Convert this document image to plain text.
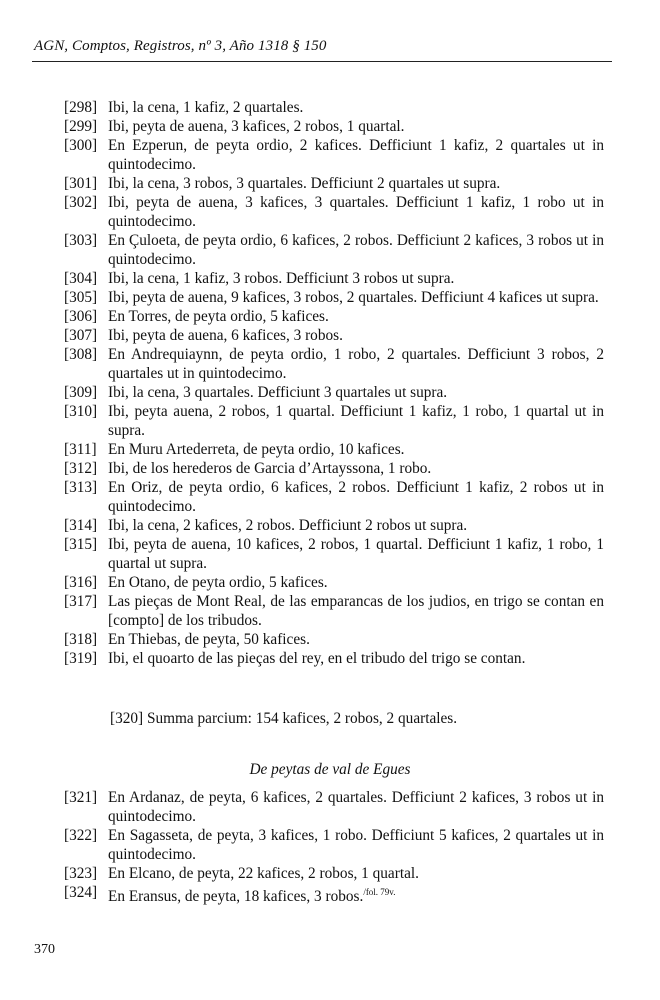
AGN, Comptos, Registros, nº 3, Año 1318 § 150
[298] Ibi, la cena, 1 kafiz, 2 quartales.
[299] Ibi, peyta de auena, 3 kafices, 2 robos, 1 quartal.
[300] En Ezperun, de peyta ordio, 2 kafices. Defficiunt 1 kafiz, 2 quartales ut in quintodecimo.
[301] Ibi, la cena, 3 robos, 3 quartales. Defficiunt 2 quartales ut supra.
[302] Ibi, peyta de auena, 3 kafices, 3 quartales. Defficiunt 1 kafiz, 1 robo ut in quintodecimo.
[303] En Çuloeta, de peyta ordio, 6 kafices, 2 robos. Defficiunt 2 kafices, 3 robos ut in quintodecimo.
[304] Ibi, la cena, 1 kafiz, 3 robos. Defficiunt 3 robos ut supra.
[305] Ibi, peyta de auena, 9 kafices, 3 robos, 2 quartales. Defficiunt 4 kafices ut supra.
[306] En Torres, de peyta ordio, 5 kafices.
[307] Ibi, peyta de auena, 6 kafices, 3 robos.
[308] En Andrequiaynn, de peyta ordio, 1 robo, 2 quartales. Defficiunt 3 robos, 2 quartales ut in quintodecimo.
[309] Ibi, la cena, 3 quartales. Defficiunt 3 quartales ut supra.
[310] Ibi, peyta auena, 2 robos, 1 quartal. Defficiunt 1 kafiz, 1 robo, 1 quartal ut in supra.
[311] En Muru Artederreta, de peyta ordio, 10 kafices.
[312] Ibi, de los herederos de Garcia d’Artayssona, 1 robo.
[313] En Oriz, de peyta ordio, 6 kafices, 2 robos. Defficiunt 1 kafiz, 2 robos ut in quintodecimo.
[314] Ibi, la cena, 2 kafices, 2 robos. Defficiunt 2 robos ut supra.
[315] Ibi, peyta de auena, 10 kafices, 2 robos, 1 quartal. Defficiunt 1 kafiz, 1 robo, 1 quartal ut supra.
[316] En Otano, de peyta ordio, 5 kafices.
[317] Las pieças de Mont Real, de las emparancas de los judios, en trigo se contan en [compto] de los tribudos.
[318] En Thiebas, de peyta, 50 kafices.
[319] Ibi, el quoarto de las pieças del rey, en el tribudo del trigo se contan.
[320] Summa parcium: 154 kafices, 2 robos, 2 quartales.
De peytas de val de Egues
[321] En Ardanaz, de peyta, 6 kafices, 2 quartales. Defficiunt 2 kafices, 3 robos ut in quintodecimo.
[322] En Sagasseta, de peyta, 3 kafices, 1 robo. Defficiunt 5 kafices, 2 quartales ut in quintodecimo.
[323] En Elcano, de peyta, 22 kafices, 2 robos, 1 quartal.
[324] En Eransus, de peyta, 18 kafices, 3 robos.$^{/fol. 79v.}$
370
